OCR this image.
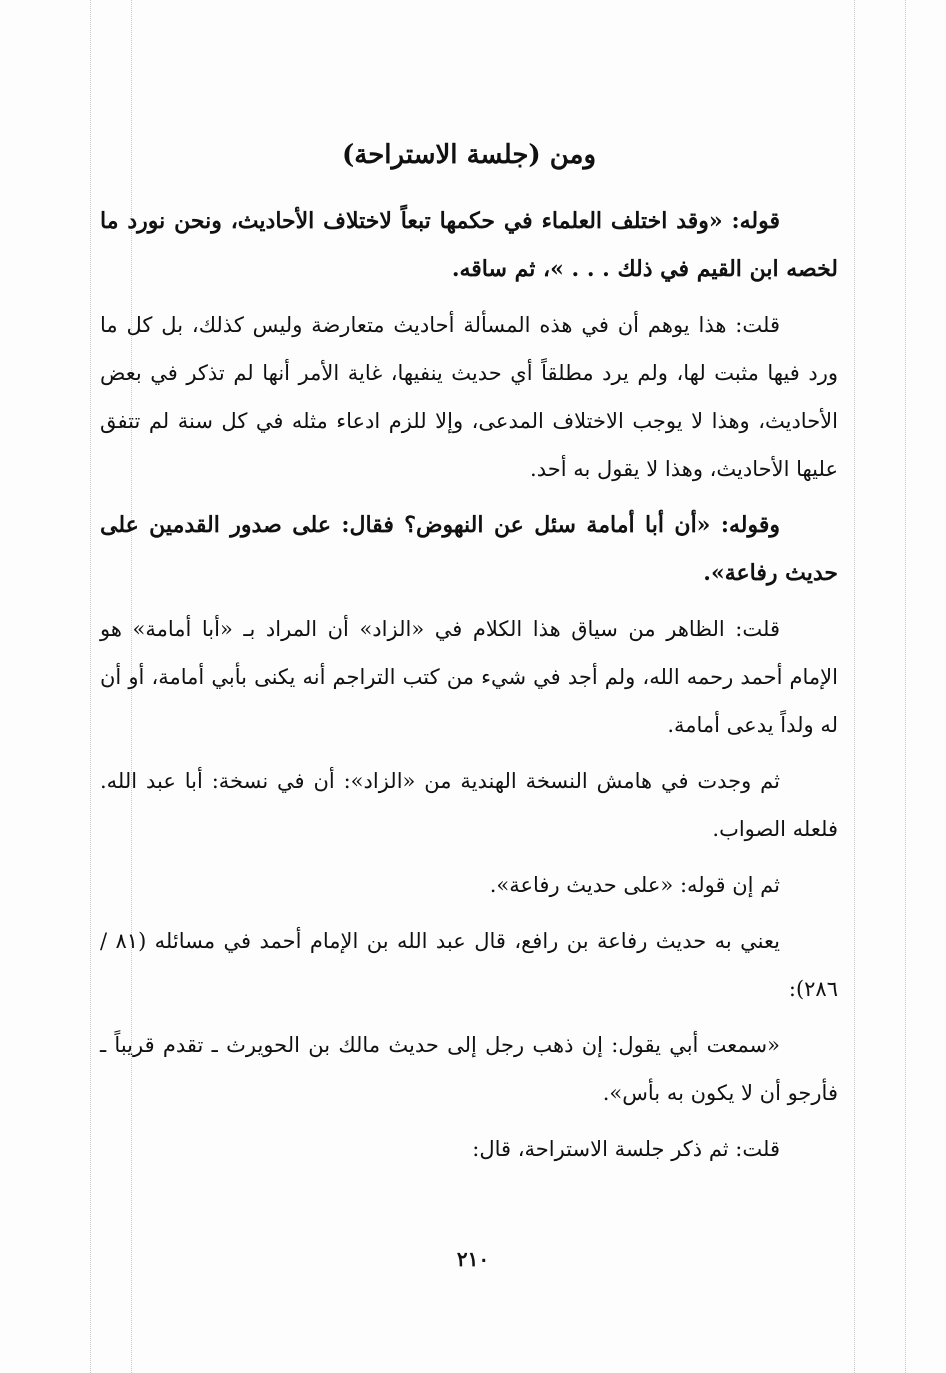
ومن (جلسة الاستراحة)

قوله: «وقد اختلف العلماء في حكمها تبعاً لاختلاف الأحاديث، ونحن نورد ما لخصه ابن القيم في ذلك . . . »، ثم ساقه.

قلت: هذا يوهم أن في هذه المسألة أحاديث متعارضة وليس كذلك، بل كل ما ورد فيها مثبت لها، ولم يرد مطلقاً أي حديث ينفيها، غاية الأمر أنها لم تذكر في بعض الأحاديث، وهذا لا يوجب الاختلاف المدعى، وإلا للزم ادعاء مثله في كل سنة لم تتفق عليها الأحاديث، وهذا لا يقول به أحد.

وقوله: «أن أبا أمامة سئل عن النهوض؟ فقال: على صدور القدمين على حديث رفاعة».

قلت: الظاهر من سياق هذا الكلام في «الزاد» أن المراد بـ «أبا أمامة» هو الإمام أحمد رحمه الله، ولم أجد في شيء من كتب التراجم أنه يكنى بأبي أمامة، أو أن له ولداً يدعى أمامة.

ثم وجدت في هامش النسخة الهندية من «الزاد»: أن في نسخة: أبا عبد الله. فلعله الصواب.

ثم إن قوله: «على حديث رفاعة».

يعني به حديث رفاعة بن رافع، قال عبد الله بن الإمام أحمد في مسائله (٨١ / ٢٨٦):

«سمعت أبي يقول: إن ذهب رجل إلى حديث مالك بن الحويرث ـ تقدم قريباً ـ فأرجو أن لا يكون به بأس».

قلت: ثم ذكر جلسة الاستراحة، قال:

٢١٠
